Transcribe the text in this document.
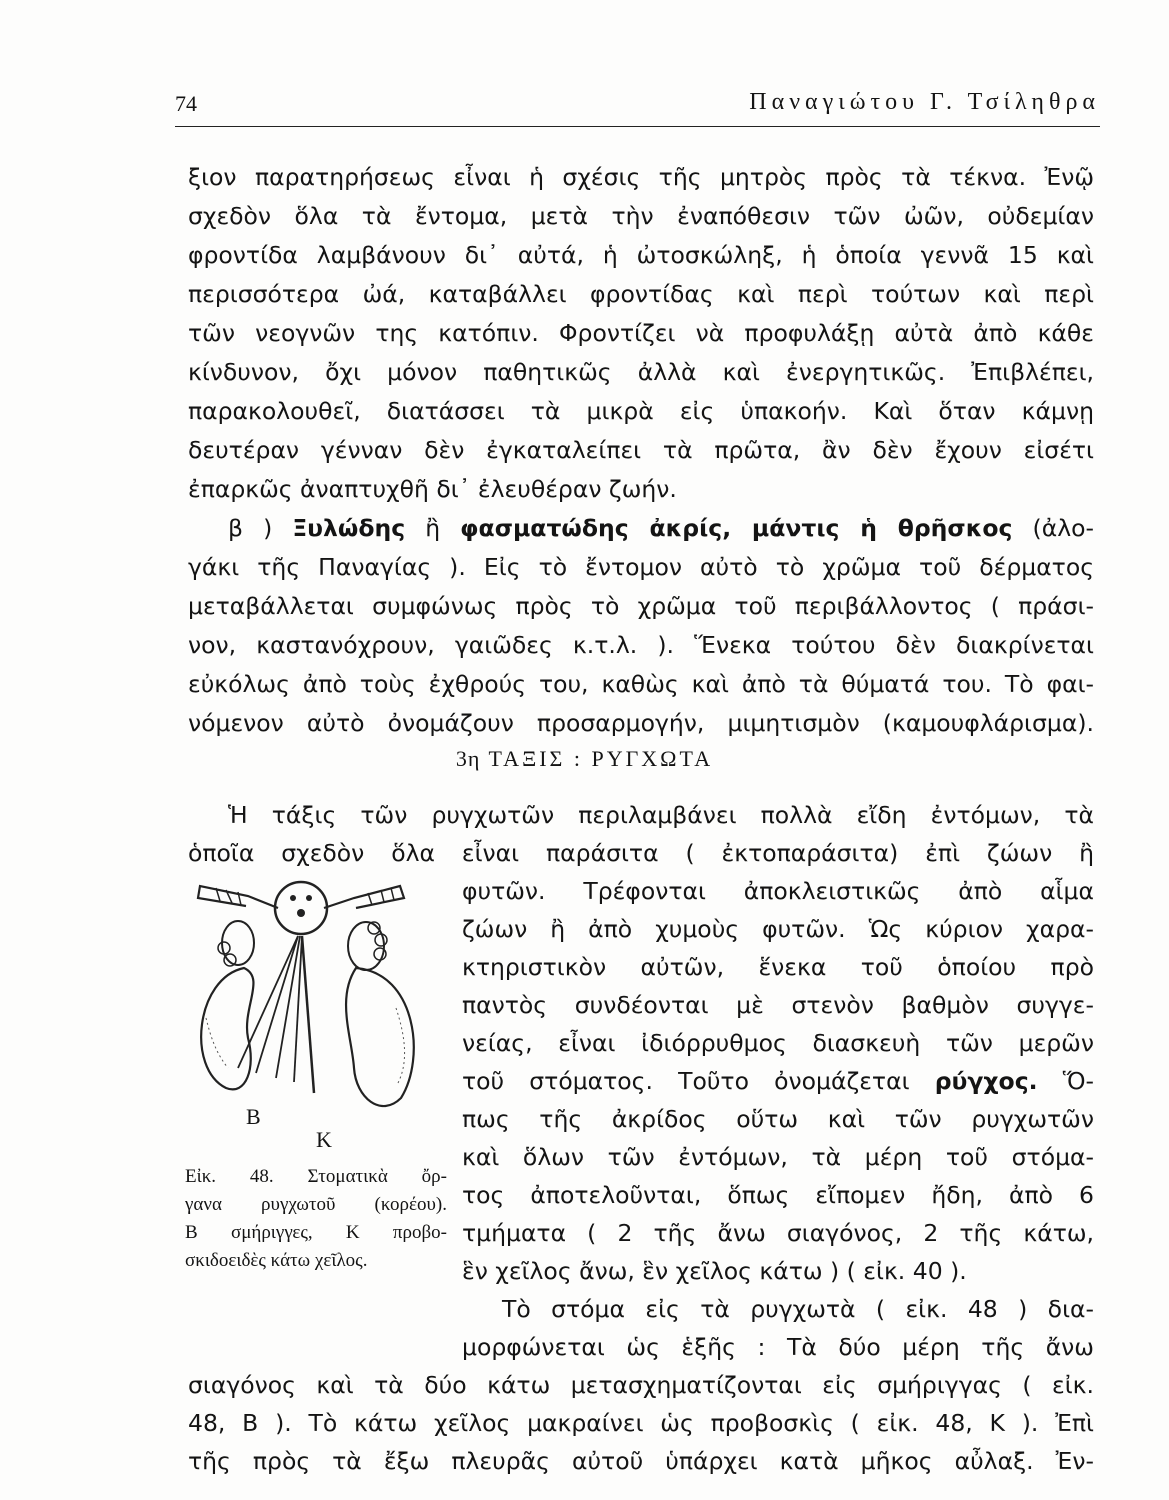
74	Παναγιώτου Γ. Τσίληθρα
ξιον παρατηρήσεως εἶναι ἡ σχέσις τῆς μητρὸς πρὸς τὰ τέκνα. Ἐνῷ
σχεδὸν ὅλα τὰ ἔντομα, μετὰ τὴν ἐναπόθεσιν τῶν ὠῶν, οὐδεμίαν
φροντίδα λαμβάνουν δι᾽ αὐτά, ἡ ὠτοσκώληξ, ἡ ὁποία γεννᾶ 15 καὶ
περισσότερα ὠά, καταβάλλει φροντίδας καὶ περὶ τούτων καὶ περὶ
τῶν νεογνῶν της κατόπιν. Φροντίζει νὰ προφυλάξῃ αὐτὰ ἀπὸ κάθε
κίνδυνον, ὄχι μόνον παθητικῶς ἀλλὰ καὶ ἐνεργητικῶς. Ἐπιβλέπει,
παρακολουθεῖ, διατάσσει τὰ μικρὰ εἰς ὑπακοήν. Καὶ ὅταν κάμνῃ
δευτέραν γένναν δὲν ἐγκαταλείπει τὰ πρῶτα, ἂν δὲν ἔχουν εἰσέτι
ἐπαρκῶς ἀναπτυχθῆ δι᾽ ἐλευθέραν ζωήν.
β ) Ξυλώδης ἢ φασματώδης ἀκρίς, μάντις ἡ θρῆσκος (ἀλο-
γάκι τῆς Παναγίας ). Εἰς τὸ ἔντομον αὐτὸ τὸ χρῶμα τοῦ δέρματος
μεταβάλλεται συμφώνως πρὸς τὸ χρῶμα τοῦ περιβάλλοντος ( πράσι-
νον, καστανόχρουν, γαιῶδες κ.τ.λ. ). Ἕνεκα τούτου δὲν διακρίνεται
εὐκόλως ἀπὸ τοὺς ἐχθρούς του, καθὼς καὶ ἀπὸ τὰ θύματά του. Τὸ φαι-
νόμενον αὐτὸ ὀνομάζουν προσαρμογήν, μιμητισμὸν (καμουφλάρισμα).
3η ΤΑΞΙΣ : ΡΥΓΧΩΤΑ
Ἡ τάξις τῶν ρυγχωτῶν περιλαμβάνει πολλὰ εἴδη ἐντόμων, τὰ
ὁποῖα σχεδὸν ὅλα εἶναι παράσιτα ( ἐκτοπαράσιτα) ἐπὶ ζώων ἢ
φυτῶν. Τρέφονται ἀποκλειστικῶς ἀπὸ αἷμα
ζώων ἢ ἀπὸ χυμοὺς φυτῶν. Ὡς κύριον χαρα-
κτηριστικὸν αὐτῶν, ἕνεκα τοῦ ὁποίου πρὸ
παντὸς συνδέονται μὲ στενὸν βαθμὸν συγγε-
νείας, εἶναι ἰδιόρρυθμος διασκευὴ τῶν μερῶν
τοῦ στόματος. Τοῦτο ὀνομάζεται ρύγχος. Ὅ-
πως τῆς ἀκρίδος οὕτω καὶ τῶν ρυγχωτῶν
καὶ ὅλων τῶν ἐντόμων, τὰ μέρη τοῦ στόμα-
τος ἀποτελοῦνται, ὅπως εἴπομεν ἤδη, ἀπὸ 6
τμήματα ( 2 τῆς ἄνω σιαγόνος, 2 τῆς κάτω,
ἓν χεῖλος ἄνω, ἓν χεῖλος κάτω ) ( εἰκ. 40 ).
Τὸ στόμα εἰς τὰ ρυγχωτὰ ( εἰκ. 48 ) δια-
μορφώνεται ὡς ἑξῆς : Τὰ δύο μέρη τῆς ἄνω
σιαγόνος καὶ τὰ δύο κάτω μετασχηματίζονται εἰς σμήριγγας ( εἰκ.
48, Β ). Τὸ κάτω χεῖλος μακραίνει ὡς προβοσκὶς ( εἰκ. 48, Κ ). Ἐπὶ
τῆς πρὸς τὰ ἔξω πλευρᾶς αὐτοῦ ὑπάρχει κατὰ μῆκος αὖλαξ. Ἐν-
Β
Κ
Εἰκ. 48. Στοματικὰ ὄρ-
γανα ρυγχωτοῦ (κορέου).
Β σμήριγγες, Κ προβο-
σκιδοειδὲς κάτω χεῖλος.
